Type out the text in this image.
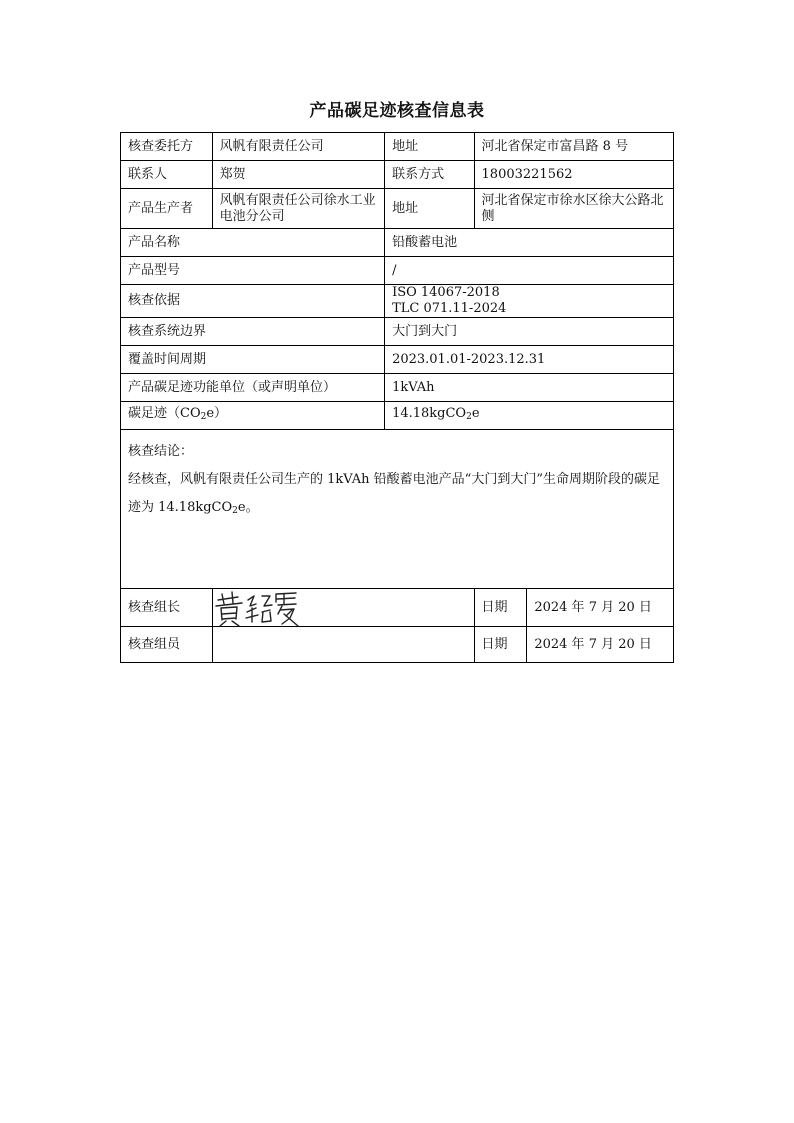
产品碳足迹核查信息表
核查委托方	风帆有限责任公司	地址	河北省保定市富昌路 8 号	
联系人	郑贺	联系方式	18003221562	
产品生产者	风帆有限责任公司徐水工业电池分公司	地址	河北省保定市徐水区徐大公路北侧	
产品名称		铅酸蓄电池		
产品型号		/		
核查依据		ISO 14067-2018
TLC 071.11-2024		

核查系统边界		大门到大门		
覆盖时间周期		2023.01.01-2023.12.31		
产品碳足迹功能单位（或声明单位）		1kVAh		
碳足迹$(CO_2e)$		14.18kgCO$_2$e		

核查结论：

经核查，风帆有限责任公司生产的 1kVAh 铅酸蓄电池产品“大门到大门”生命周期阶段的碳足迹为 14.18kgCO$_2$e。				

核查组长			日期	2024 年 7 月 20 日
核查组员			日期	2024 年 7 月 20 日
